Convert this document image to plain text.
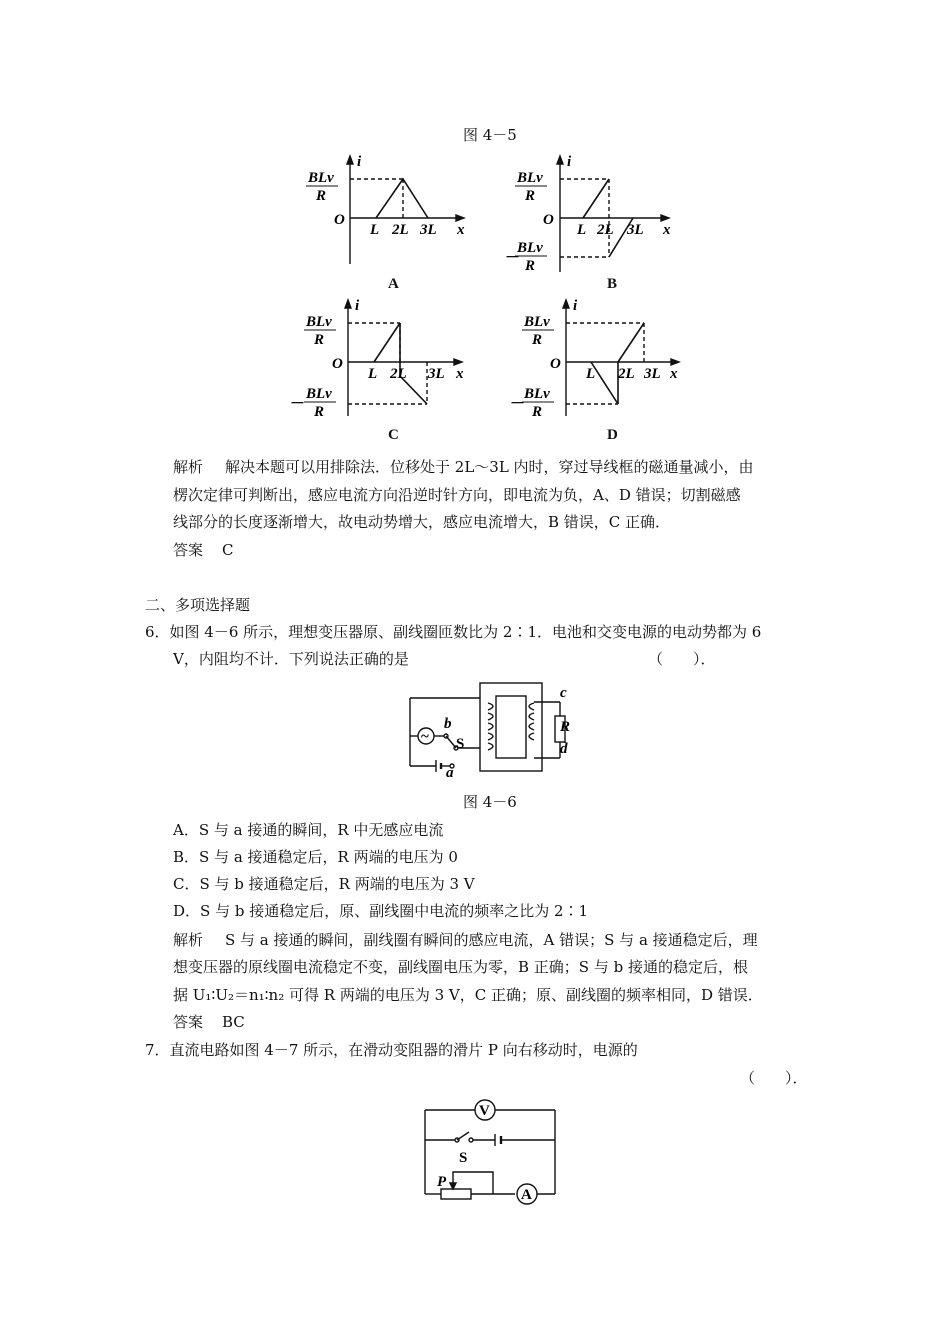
图 4－5
i
BLv
R
O
L 2L 3L x
A
i
BLv
R
O
L 2L 3L x
－
BLv
R
B
i
BLv
R
O
L 2L 3L x
－
BLv
R
C
i
BLv
R
O
L 2L 3L x
－
BLv
R
D
解析 解决本题可以用排除法．位移处于 2L～3L 内时，穿过导线框的磁通量减小，由
楞次定律可判断出，感应电流方向沿逆时针方向，即电流为负，A、D 错误；切割磁感
线部分的长度逐渐增大，故电动势增大，感应电流增大，B 错误，C 正确．
答案 C
二、多项选择题
6．如图 4－6 所示，理想变压器原、副线圈匝数比为 2∶1．电池和交变电源的电动势都为 6
V，内阻均不计．下列说法正确的是	（　　）．
~
b
S
a
c
R
d
图 4－6
A．S 与 a 接通的瞬间，R 中无感应电流
B．S 与 a 接通稳定后，R 两端的电压为 0
C．S 与 b 接通稳定后，R 两端的电压为 3 V
D．S 与 b 接通稳定后，原、副线圈中电流的频率之比为 2∶1
解析 S 与 a 接通的瞬间，副线圈有瞬间的感应电流，A 错误；S 与 a 接通稳定后，理
想变压器的原线圈电流稳定不变，副线圈电压为零，B 正确；S 与 b 接通的稳定后，根
据 U₁∶U₂＝n₁∶n₂ 可得 R 两端的电压为 3 V，C 正确；原、副线圈的频率相同，D 错误．
答案 BC
7．直流电路如图 4－7 所示，在滑动变阻器的滑片 P 向右移动时，电源的
（　　）．
V
S
P
A
